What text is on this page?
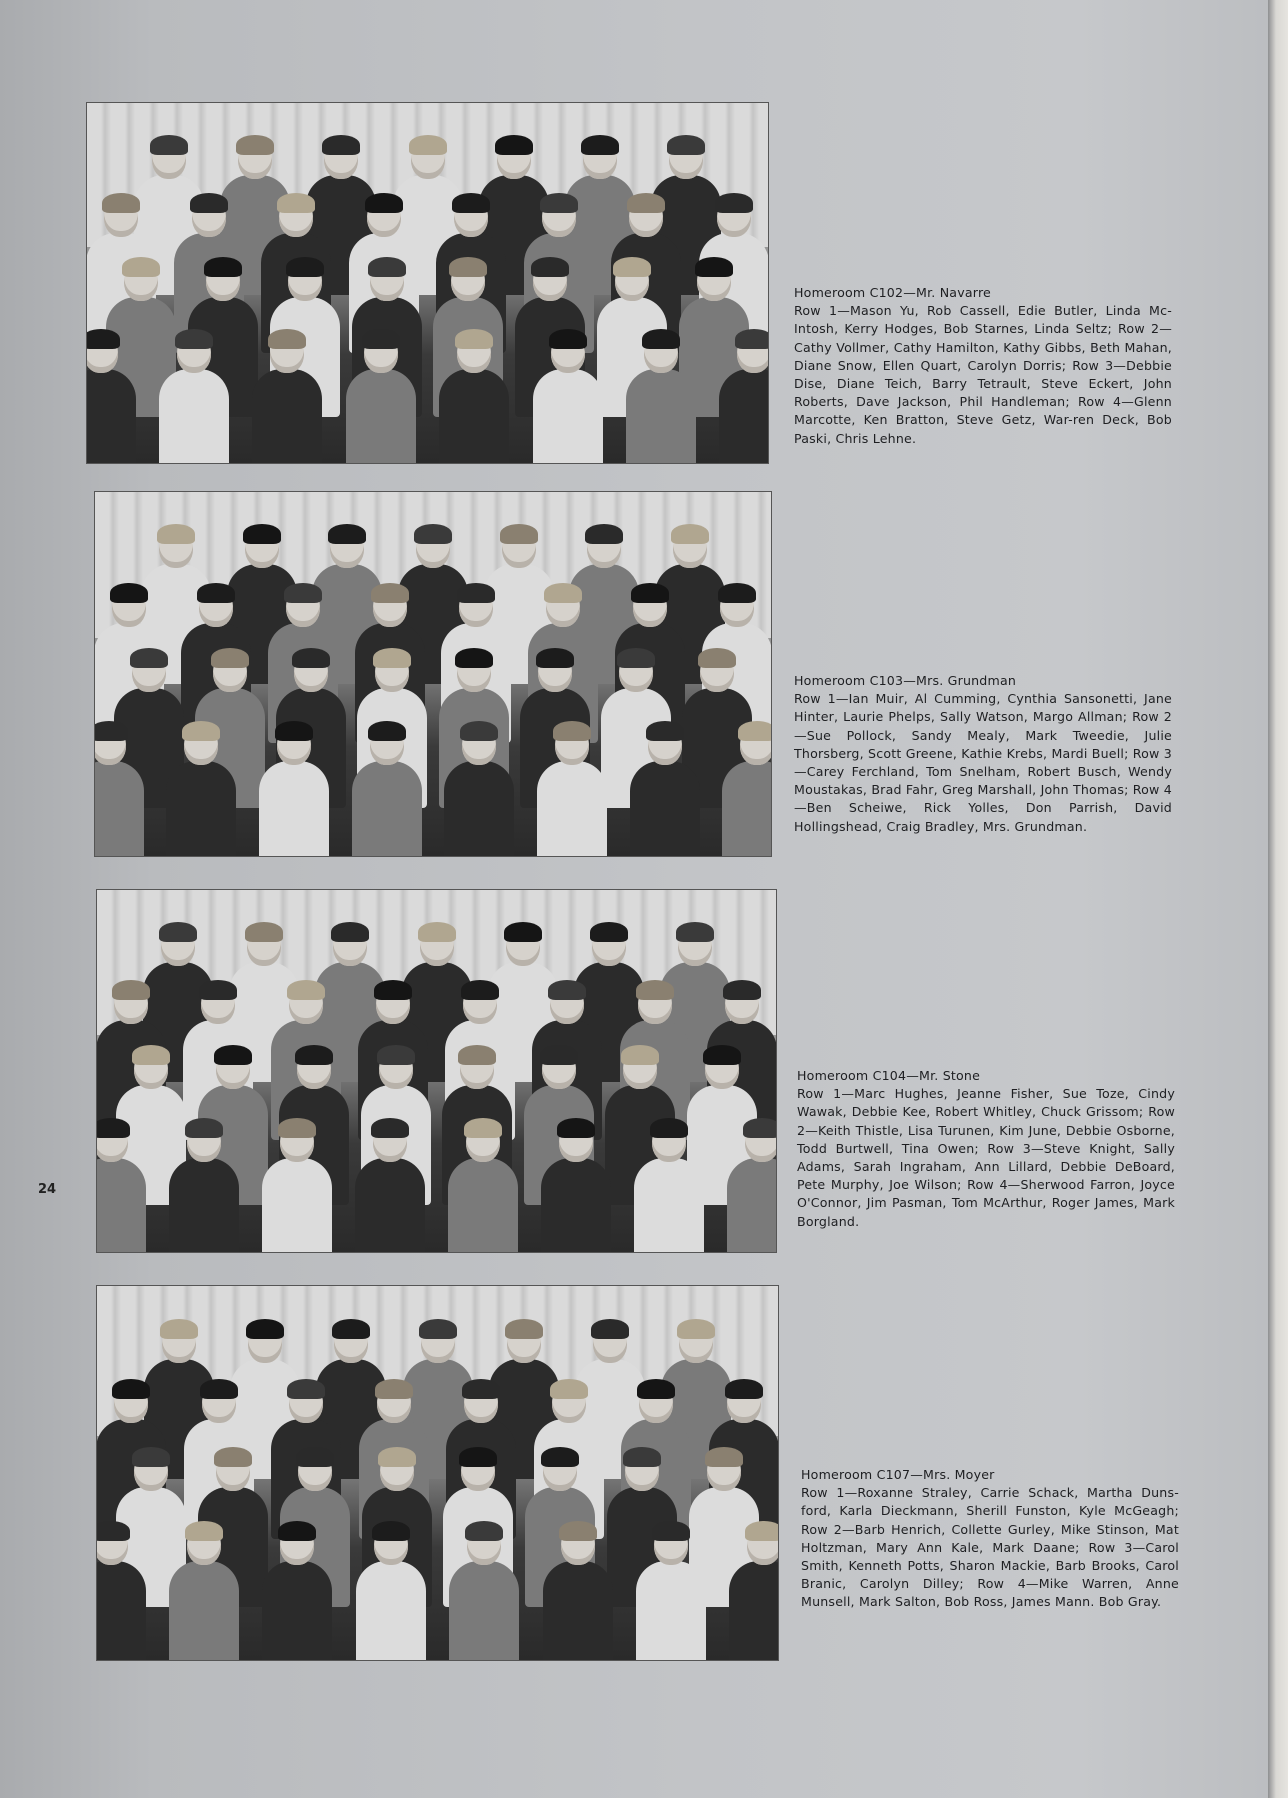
Homeroom C102—Mr. Navarre
Row 1—Mason Yu, Rob Cassell, Edie Butler, Linda Mc-Intosh, Kerry Hodges, Bob Starnes, Linda Seltz; Row 2—Cathy Vollmer, Cathy Hamilton, Kathy Gibbs, Beth Mahan, Diane Snow, Ellen Quart, Carolyn Dorris; Row 3—Debbie Dise, Diane Teich, Barry Tetrault, Steve Eckert, John Roberts, Dave Jackson, Phil Handleman; Row 4—Glenn Marcotte, Ken Bratton, Steve Getz, War-ren Deck, Bob Paski, Chris Lehne.
Homeroom C103—Mrs. Grundman
Row 1—Ian Muir, Al Cumming, Cynthia Sansonetti, Jane Hinter, Laurie Phelps, Sally Watson, Margo Allman; Row 2—Sue Pollock, Sandy Mealy, Mark Tweedie, Julie Thorsberg, Scott Greene, Kathie Krebs, Mardi Buell; Row 3—Carey Ferchland, Tom Snelham, Robert Busch, Wendy Moustakas, Brad Fahr, Greg Marshall, John Thomas; Row 4—Ben Scheiwe, Rick Yolles, Don Parrish, David Hollingshead, Craig Bradley, Mrs. Grundman.
Homeroom C104—Mr. Stone
Row 1—Marc Hughes, Jeanne Fisher, Sue Toze, Cindy Wawak, Debbie Kee, Robert Whitley, Chuck Grissom; Row 2—Keith Thistle, Lisa Turunen, Kim June, Debbie Osborne, Todd Burtwell, Tina Owen; Row 3—Steve Knight, Sally Adams, Sarah Ingraham, Ann Lillard, Debbie DeBoard, Pete Murphy, Joe Wilson; Row 4—Sherwood Farron, Joyce O'Connor, Jim Pasman, Tom McArthur, Roger James, Mark Borgland.
Homeroom C107—Mrs. Moyer
Row 1—Roxanne Straley, Carrie Schack, Martha Duns-ford, Karla Dieckmann, Sherill Funston, Kyle McGeagh; Row 2—Barb Henrich, Collette Gurley, Mike Stinson, Mat Holtzman, Mary Ann Kale, Mark Daane; Row 3—Carol Smith, Kenneth Potts, Sharon Mackie, Barb Brooks, Carol Branic, Carolyn Dilley; Row 4—Mike Warren, Anne Munsell, Mark Salton, Bob Ross, James Mann. Bob Gray.
24
